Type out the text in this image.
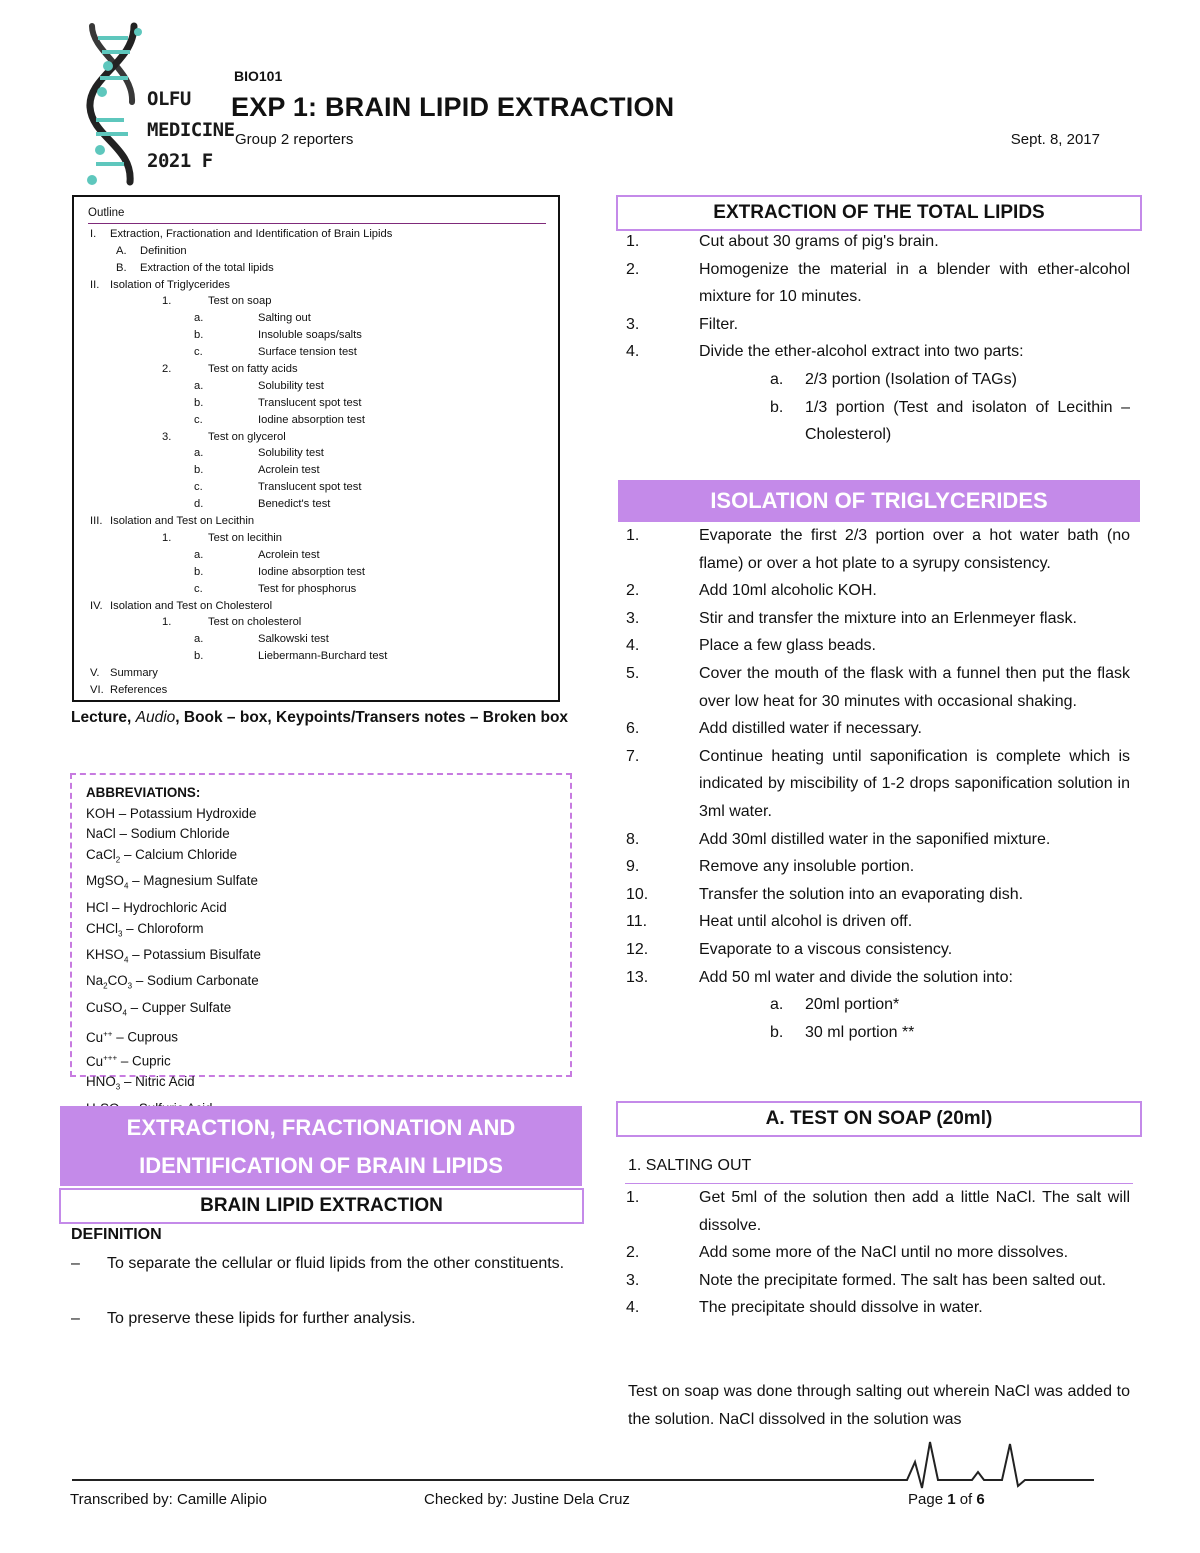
OLFU
MEDICINE
2021 F
BIO101
EXP 1: BRAIN LIPID EXTRACTION
Group 2 reporters	Sept. 8, 2017
Outline
I. Extraction, Fractionation and Identification of Brain Lipids
A. Definition
B. Extraction of the total lipids
II. Isolation of Triglycerides
1.	Test on soap
a.	Salting out
b.	Insoluble soaps/salts
c.	Surface tension test
2.	Test on fatty acids
a.	Solubility test
b.	Translucent spot test
c.	Iodine absorption test
3.	Test on glycerol
a.	Solubility test
b.	Acrolein test
c.	Translucent spot test
d.	Benedict's test
III. Isolation and Test on Lecithin
1.	Test on lecithin
a.	Acrolein test
b.	Iodine absorption test
c.	Test for phosphorus
IV. Isolation and Test on Cholesterol
1.	Test on cholesterol
a.	Salkowski test
b.	Liebermann-Burchard test
V. Summary
VI. References
Lecture, Audio, Book – box, Keypoints/Transers notes – Broken box
ABBREVIATIONS:
KOH – Potassium Hydroxide
NaCl – Sodium Chloride
CaCl$_2$ – Calcium Chloride
MgSO$_4$ – Magnesium Sulfate
HCl – Hydrochloric Acid
CHCl$_3$ – Chloroform
$KHSO_4$ – Potassium Bisulfate
$Na_2CO_3$ – Sodium Carbonate
CuSO$_4$ – Cupper Sulfate
Cu++ – Cuprous
Cu+++ – Cupric
$HNO_3$ – Nitric Acid
EXTRACTION, FRACTIONATION AND
IDENTIFICATION OF BRAIN LIPIDS
BRAIN LIPID EXTRACTION
DEFINITION
– To separate the cellular or fluid lipids from the other constituents.
– To preserve these lipids for further analysis.
EXTRACTION OF THE TOTAL LIPIDS
1.	Cut about 30 grams of pig's brain.
2.	Homogenize the material in a blender with ether-alcohol mixture for 10 minutes.
3.	Filter.
4.	Divide the ether-alcohol extract into two parts:
a. 2/3 portion (Isolation of TAGs)
b. 1/3 portion (Test and isolaton of Lecithin – Cholesterol)
ISOLATION OF TRIGLYCERIDES
1.	Evaporate the first 2/3 portion over a hot water bath (no flame) or over a hot plate to a syrupy consistency.
2.	Add 10ml alcoholic KOH.
3.	Stir and transfer the mixture into an Erlenmeyer flask.
4.	Place a few glass beads.
5.	Cover the mouth of the flask with a funnel then put the flask over low heat for 30 minutes with occasional shaking.
6.	Add distilled water if necessary.
7.	Continue heating until saponification is complete which is indicated by miscibility of 1-2 drops saponification solution in 3ml water.
8.	Add 30ml distilled water in the saponified mixture.
9.	Remove any insoluble portion.
10.	Transfer the solution into an evaporating dish.
11.	Heat until alcohol is driven off.
12.	Evaporate to a viscous consistency.
13.	Add 50 ml water and divide the solution into:
a. 20ml portion*
b. 30 ml portion **
A. TEST ON SOAP (20ml)
1. SALTING OUT
1.	Get 5ml of the solution then add a little NaCl. The salt will dissolve.
2.	Add some more of the NaCl until no more dissolves.
3.	Note the precipitate formed. The salt has been salted out.
4.	The precipitate should dissolve in water.
Test on soap was done through salting out wherein NaCl was added to the solution. NaCl dissolved in the solution was
Transcribed by: Camille Alipio	Checked by: Justine Dela Cruz	Page 1 of 6
